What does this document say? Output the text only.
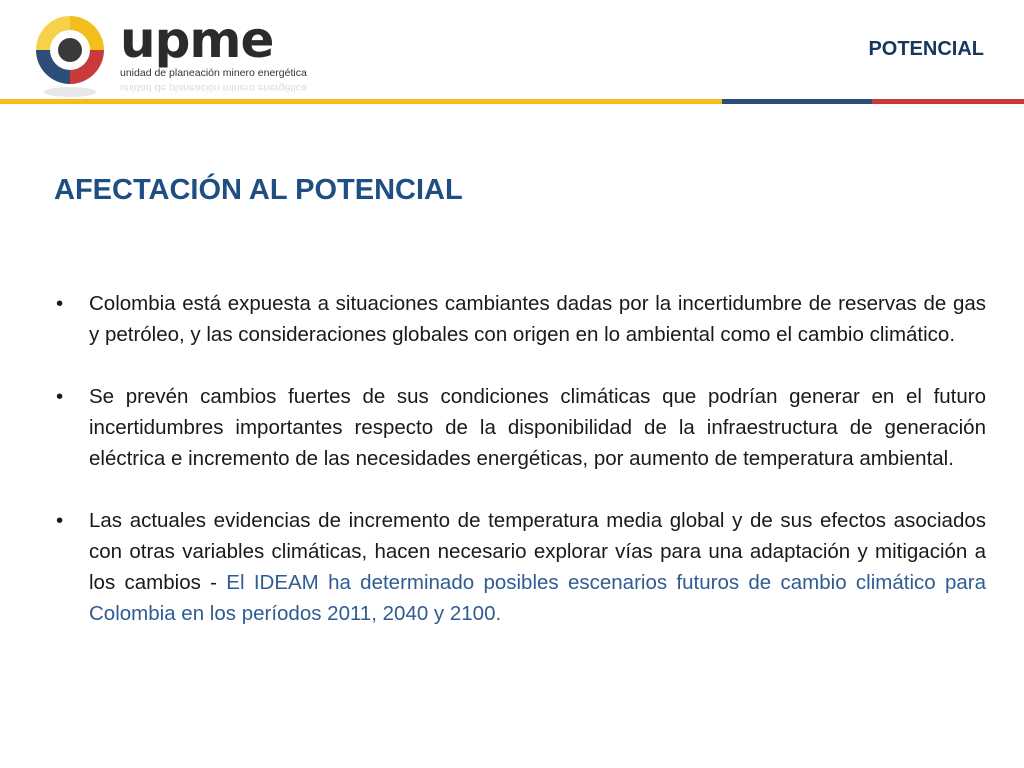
upme
unidad de planeación minero energética
unidad de planeación minero energética
POTENCIAL
AFECTACIÓN AL POTENCIAL
• Colombia está expuesta a situaciones cambiantes dadas por la incertidumbre de reservas de gas y petróleo, y las consideraciones globales con origen en lo ambiental como el cambio climático.
• Se prevén cambios fuertes de sus condiciones climáticas que podrían generar en el futuro incertidumbres importantes respecto de la disponibilidad de la infraestructura de generación eléctrica e incremento de las necesidades energéticas, por aumento de temperatura ambiental.
• Las actuales evidencias de incremento de temperatura media global y de sus efectos asociados con otras variables climáticas, hacen necesario explorar vías para una adaptación y mitigación a los cambios - El IDEAM ha determinado posibles escenarios futuros de cambio climático para Colombia en los períodos 2011, 2040 y 2100.
